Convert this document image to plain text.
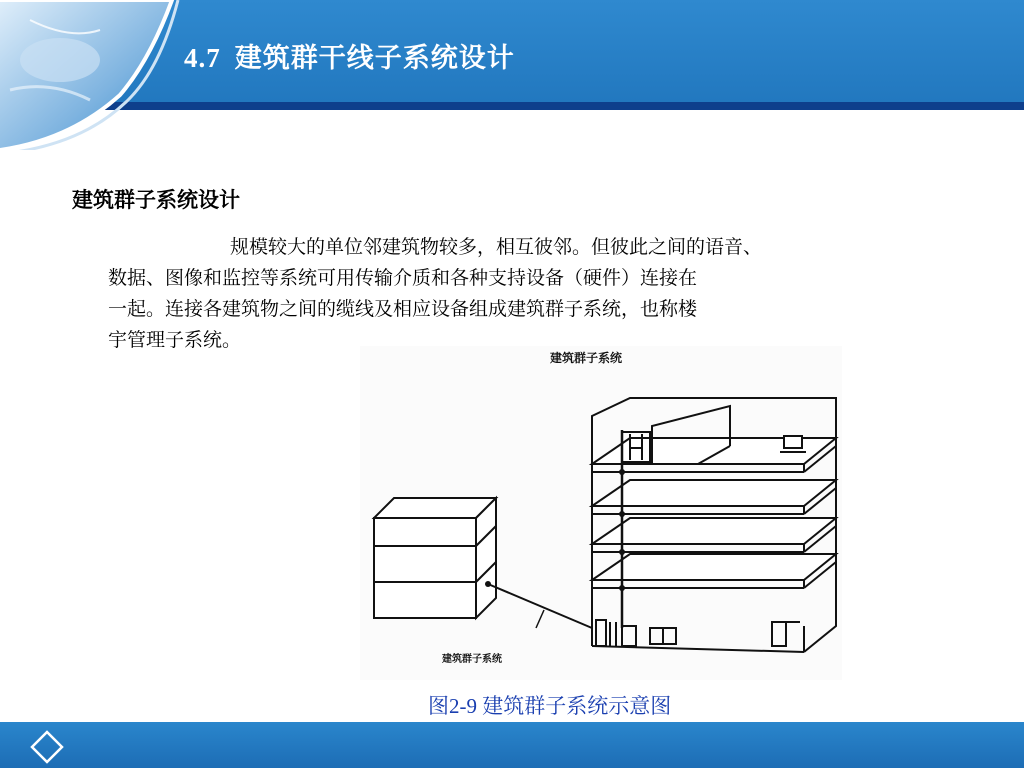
4.7 建筑群干线子系统设计
建筑群子系统设计
规模较大的单位邻建筑物较多，相互彼邻。但彼此之间的语音、
数据、图像和监控等系统可用传输介质和各种支持设备（硬件）连接在
一起。连接各建筑物之间的缆线及相应设备组成建筑群子系统，也称楼
宇管理子系统。
建筑群子系统
建筑群子系统
图2-9 建筑群子系统示意图
